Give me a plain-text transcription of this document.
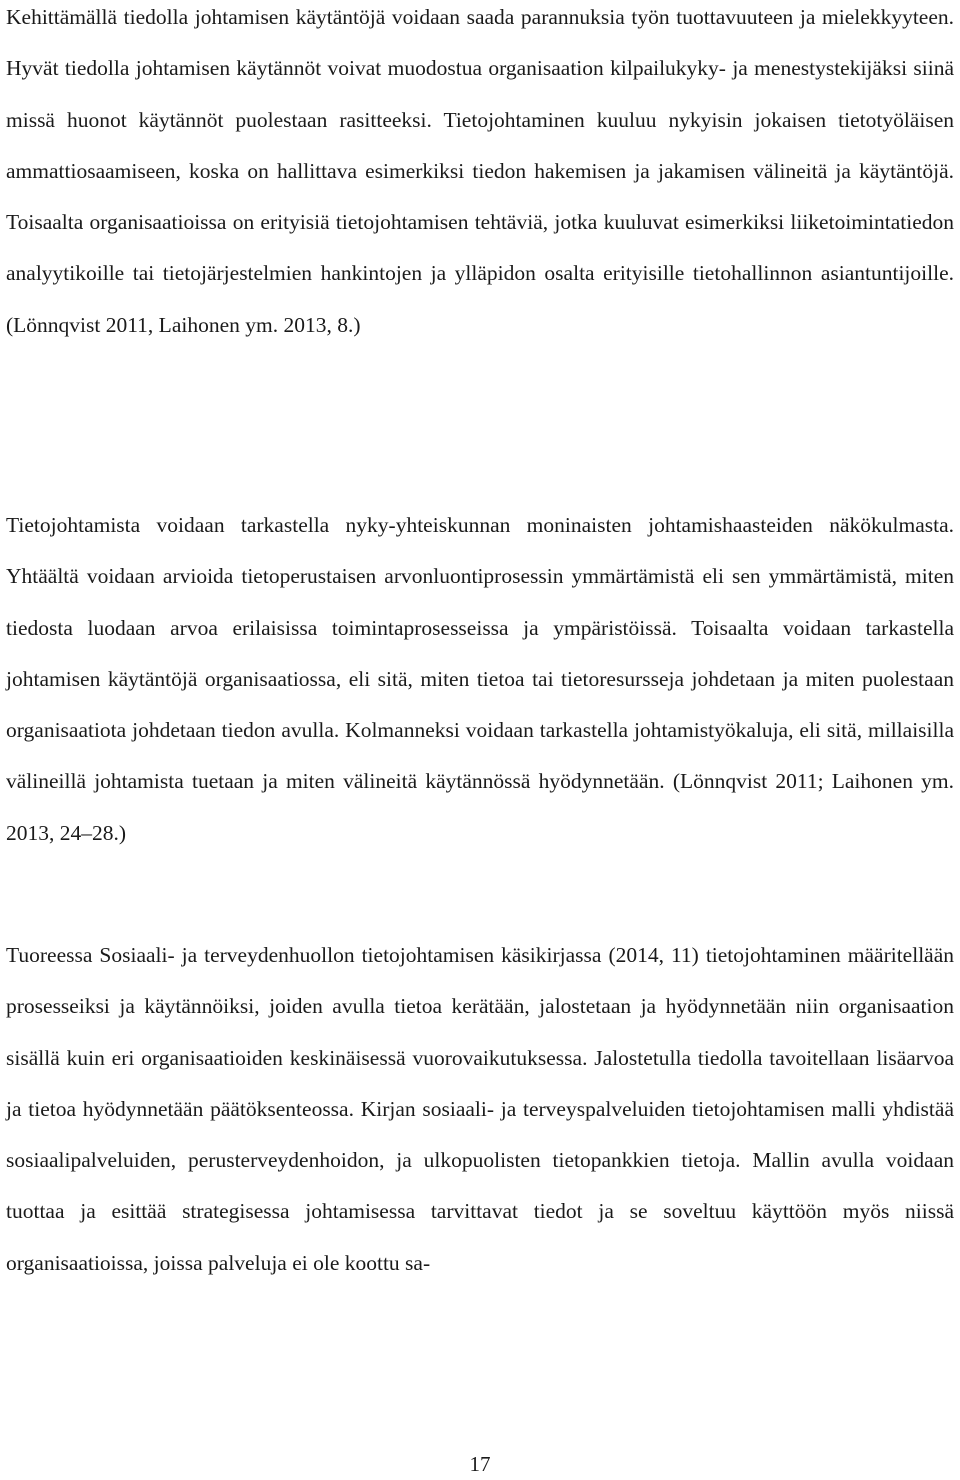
Kehittämällä tiedolla johtamisen käytäntöjä voidaan saada parannuksia työn tuottavuuteen ja mielekkyyteen. Hyvät tiedolla johtamisen käytännöt voivat muodostua organisaation kilpailukyky- ja menestystekijäksi siinä missä huonot käytännöt puolestaan rasitteeksi. Tietojohtaminen kuuluu nykyisin jokaisen tietotyöläisen ammattiosaamiseen, koska on hallittava esimerkiksi tiedon hakemisen ja jakamisen välineitä ja käytäntöjä. Toisaalta organisaatioissa on erityisiä tietojohtamisen tehtäviä, jotka kuuluvat esimerkiksi liiketoimintatiedon analyytikoille tai tietojärjestelmien hankintojen ja ylläpidon osalta erityisille tietohallinnon asiantuntijoille. (Lönnqvist 2011, Laihonen ym. 2013, 8.)

Tietojohtamista voidaan tarkastella nyky-yhteiskunnan moninaisten johtamishaasteiden näkökulmasta. Yhtäältä voidaan arvioida tietoperustaisen arvonluontiprosessin ymmärtämistä eli sen ymmärtämistä, miten tiedosta luodaan arvoa erilaisissa toimintaprosesseissa ja ympäristöissä. Toisaalta voidaan tarkastella johtamisen käytäntöjä organisaatiossa, eli sitä, miten tietoa tai tietoresursseja johdetaan ja miten puolestaan organisaatiota johdetaan tiedon avulla. Kolmanneksi voidaan tarkastella johtamistyökaluja, eli sitä, millaisilla välineillä johtamista tuetaan ja miten välineitä käytännössä hyödynnetään. (Lönnqvist 2011; Laihonen ym. 2013, 24–28.)

Tuoreessa Sosiaali- ja terveydenhuollon tietojohtamisen käsikirjassa (2014, 11) tietojohtaminen määritellään prosesseiksi ja käytännöiksi, joiden avulla tietoa kerätään, jalostetaan ja hyödynnetään niin organisaation sisällä kuin eri organisaatioiden keskinäisessä vuorovaikutuksessa. Jalostetulla tiedolla tavoitellaan lisäarvoa ja tietoa hyödynnetään päätöksenteossa. Kirjan sosiaali- ja terveyspalveluiden tietojohtamisen malli yhdistää sosiaalipalveluiden, perusterveydenhoidon, ja ulkopuolisten tietopankkien tietoja. Mallin avulla voidaan tuottaa ja esittää strategisessa johtamisessa tarvittavat tiedot ja se soveltuu käyttöön myös niissä organisaatioissa, joissa palveluja ei ole koottu sa-

17
